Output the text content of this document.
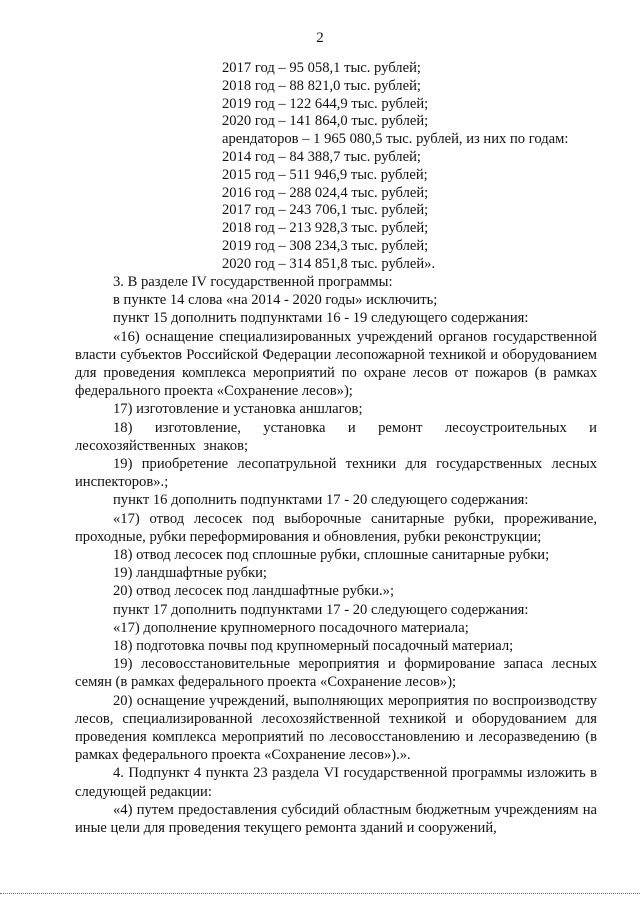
2
2017 год – 95 058,1 тыс. рублей;
2018 год – 88 821,0 тыс. рублей;
2019 год – 122 644,9 тыс. рублей;
2020 год – 141 864,0 тыс. рублей;
арендаторов – 1 965 080,5 тыс. рублей, из них по годам:
2014 год – 84 388,7 тыс. рублей;
2015 год – 511 946,9 тыс. рублей;
2016 год – 288 024,4 тыс. рублей;
2017 год – 243 706,1 тыс. рублей;
2018 год – 213 928,3 тыс. рублей;
2019 год – 308 234,3 тыс. рублей;
2020 год – 314 851,8 тыс. рублей».

3. В разделе IV государственной программы:

в пункте 14 слова «на 2014 - 2020 годы» исключить;

пункт 15 дополнить подпунктами 16 - 19 следующего содержания:

«16) оснащение специализированных учреждений органов государственной власти субъектов Российской Федерации лесопожарной техникой и оборудованием для проведения комплекса мероприятий по охране лесов от пожаров (в рамках федерального проекта «Сохранение лесов»);

17) изготовление и установка аншлагов;

18) изготовление, установка и ремонт лесоустроительных и лесохозяйственных знаков;

19) приобретение лесопатрульной техники для государственных лесных инспекторов».;

пункт 16 дополнить подпунктами 17 - 20 следующего содержания:

«17) отвод лесосек под выборочные санитарные рубки, прореживание, проходные, рубки переформирования и обновления, рубки реконструкции;

18) отвод лесосек под сплошные рубки, сплошные санитарные рубки;

19) ландшафтные рубки;

20) отвод лесосек под ландшафтные рубки.»;

пункт 17 дополнить подпунктами 17 - 20 следующего содержания:

«17) дополнение крупномерного посадочного материала;

18) подготовка почвы под крупномерный посадочный материал;

19) лесовосстановительные мероприятия и формирование запаса лесных семян (в рамках федерального проекта «Сохранение лесов»);

20) оснащение учреждений, выполняющих мероприятия по воспроизводству лесов, специализированной лесохозяйственной техникой и оборудованием для проведения комплекса мероприятий по лесовосстановлению и лесоразведению (в рамках федерального проекта «Сохранение лесов»).».

4. Подпункт 4 пункта 23 раздела VI государственной программы изложить в следующей редакции:

«4) путем предоставления субсидий областным бюджетным учреждениям на иные цели для проведения текущего ремонта зданий и сооружений,
